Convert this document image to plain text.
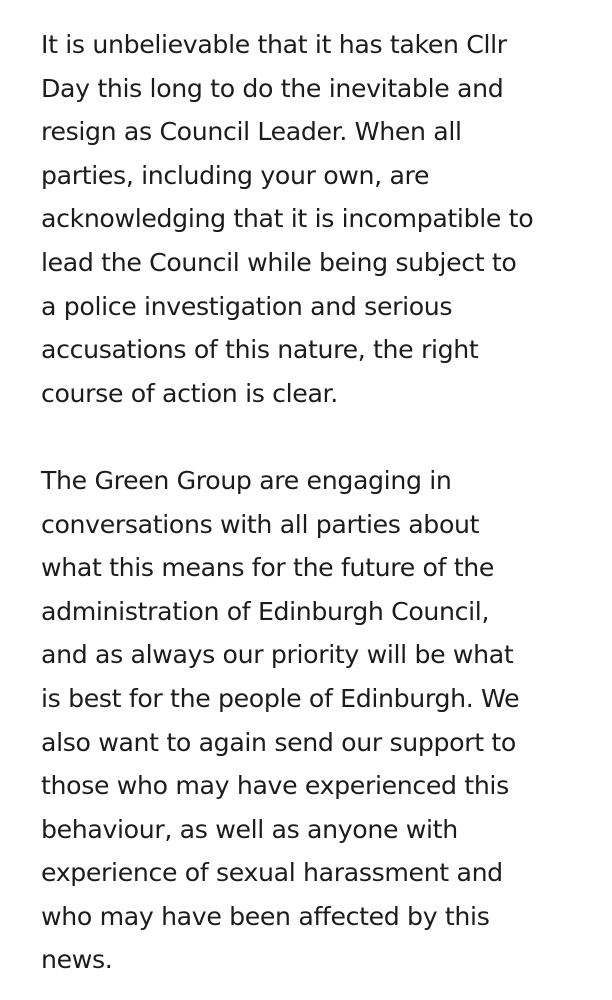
It is unbelievable that it has taken Cllr
Day this long to do the inevitable and
resign as Council Leader. When all
parties, including your own, are
acknowledging that it is incompatible to
lead the Council while being subject to
a police investigation and serious
accusations of this nature, the right
course of action is clear.

The Green Group are engaging in
conversations with all parties about
what this means for the future of the
administration of Edinburgh Council,
and as always our priority will be what
is best for the people of Edinburgh. We
also want to again send our support to
those who may have experienced this
behaviour, as well as anyone with
experience of sexual harassment and
who may have been affected by this
news.
